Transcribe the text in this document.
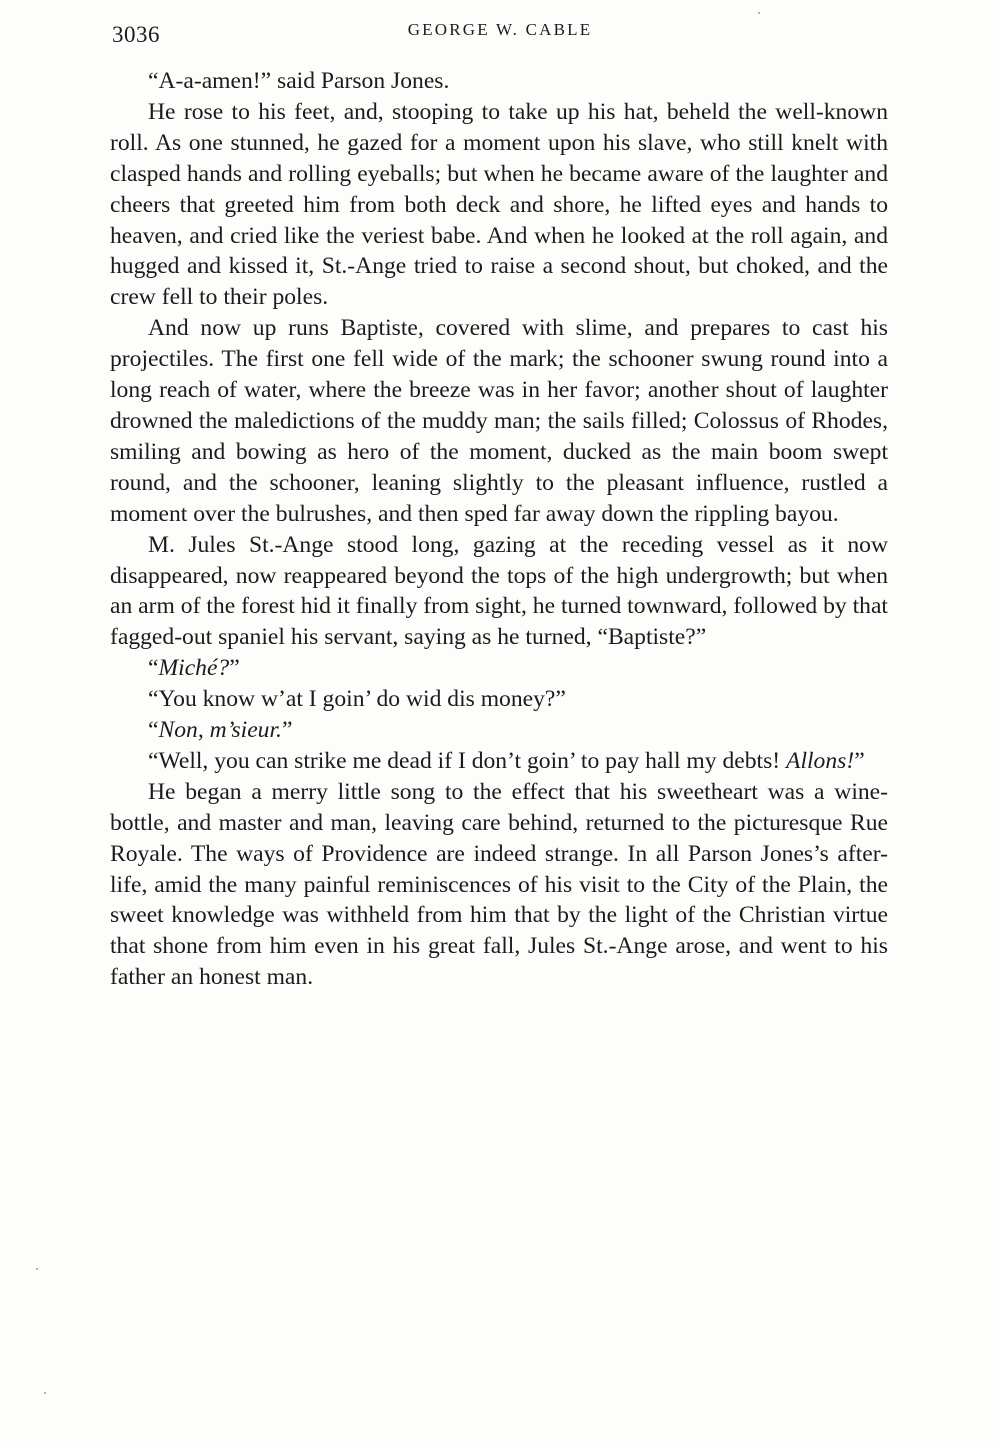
3036	GEORGE W. CABLE

“A-a-amen!” said Parson Jones.

He rose to his feet, and, stooping to take up his hat, beheld the well-known roll. As one stunned, he gazed for a moment upon his slave, who still knelt with clasped hands and rolling eyeballs; but when he became aware of the laughter and cheers that greeted him from both deck and shore, he lifted eyes and hands to heaven, and cried like the veriest babe. And when he looked at the roll again, and hugged and kissed it, St.-Ange tried to raise a second shout, but choked, and the crew fell to their poles.

And now up runs Baptiste, covered with slime, and prepares to cast his projectiles. The first one fell wide of the mark; the schooner swung round into a long reach of water, where the breeze was in her favor; another shout of laughter drowned the maledictions of the muddy man; the sails filled; Colossus of Rhodes, smiling and bowing as hero of the moment, ducked as the main boom swept round, and the schooner, leaning slightly to the pleasant influence, rustled a moment over the bulrushes, and then sped far away down the rippling bayou.

M. Jules St.-Ange stood long, gazing at the receding vessel as it now disappeared, now reappeared beyond the tops of the high undergrowth; but when an arm of the forest hid it finally from sight, he turned townward, followed by that fagged-out spaniel his servant, saying as he turned, “Baptiste?”

“Miché?”

“You know w’at I goin’ do wid dis money?”

“Non, m’sieur.”

“Well, you can strike me dead if I don’t goin’ to pay hall my debts! Allons!”

He began a merry little song to the effect that his sweetheart was a wine-bottle, and master and man, leaving care behind, returned to the picturesque Rue Royale. The ways of Providence are indeed strange. In all Parson Jones’s after-life, amid the many painful reminiscences of his visit to the City of the Plain, the sweet knowledge was withheld from him that by the light of the Christian virtue that shone from him even in his great fall, Jules St.-Ange arose, and went to his father an honest man.
